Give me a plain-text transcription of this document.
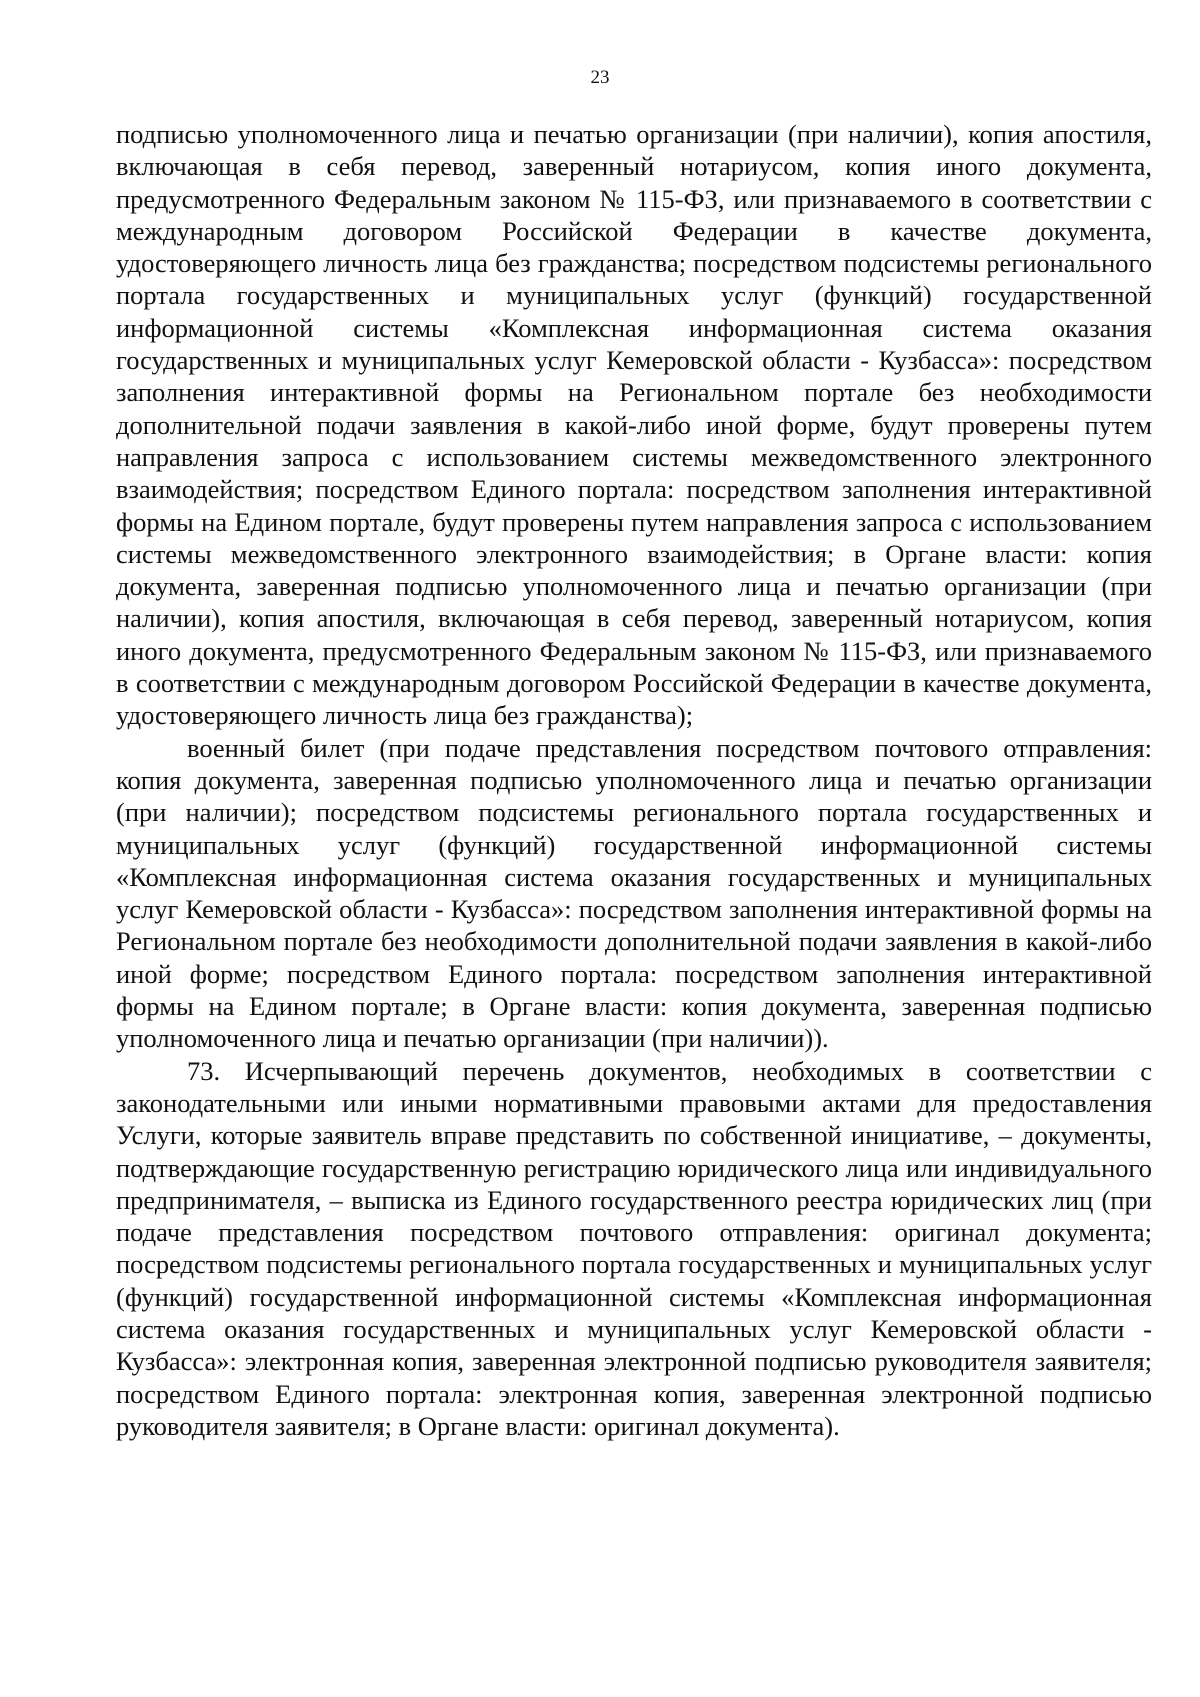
23

подписью уполномоченного лица и печатью организации (при наличии), копия апостиля, включающая в себя перевод, заверенный нотариусом, копия иного документа, предусмотренного Федеральным законом № 115-ФЗ, или признаваемого в соответствии с международным договором Российской Федерации в качестве документа, удостоверяющего личность лица без гражданства; посредством подсистемы регионального портала государственных и муниципальных услуг (функций) государственной информационной системы «Комплексная информационная система оказания государственных и муниципальных услуг Кемеровской области - Кузбасса»: посредством заполнения интерактивной формы на Региональном портале без необходимости дополнительной подачи заявления в какой-либо иной форме, будут проверены путем направления запроса с использованием системы межведомственного электронного взаимодействия; посредством Единого портала: посредством заполнения интерактивной формы на Едином портале, будут проверены путем направления запроса с использованием системы межведомственного электронного взаимодействия; в Органе власти: копия документа, заверенная подписью уполномоченного лица и печатью организации (при наличии), копия апостиля, включающая в себя перевод, заверенный нотариусом, копия иного документа, предусмотренного Федеральным законом № 115-ФЗ, или признаваемого в соответствии с международным договором Российской Федерации в качестве документа, удостоверяющего личность лица без гражданства);

военный билет (при подаче представления посредством почтового отправления: копия документа, заверенная подписью уполномоченного лица и печатью организации (при наличии); посредством подсистемы регионального портала государственных и муниципальных услуг (функций) государственной информационной системы «Комплексная информационная система оказания государственных и муниципальных услуг Кемеровской области - Кузбасса»: посредством заполнения интерактивной формы на Региональном портале без необходимости дополнительной подачи заявления в какой-либо иной форме; посредством Единого портала: посредством заполнения интерактивной формы на Едином портале; в Органе власти: копия документа, заверенная подписью уполномоченного лица и печатью организации (при наличии)).

73. Исчерпывающий перечень документов, необходимых в соответствии с законодательными или иными нормативными правовыми актами для предоставления Услуги, которые заявитель вправе представить по собственной инициативе, – документы, подтверждающие государственную регистрацию юридического лица или индивидуального предпринимателя, – выписка из Единого государственного реестра юридических лиц (при подаче представления посредством почтового отправления: оригинал документа; посредством подсистемы регионального портала государственных и муниципальных услуг (функций) государственной информационной системы «Комплексная информационная система оказания государственных и муниципальных услуг Кемеровской области - Кузбасса»: электронная копия, заверенная электронной подписью руководителя заявителя; посредством Единого портала: электронная копия, заверенная электронной подписью руководителя заявителя; в Органе власти: оригинал документа).
